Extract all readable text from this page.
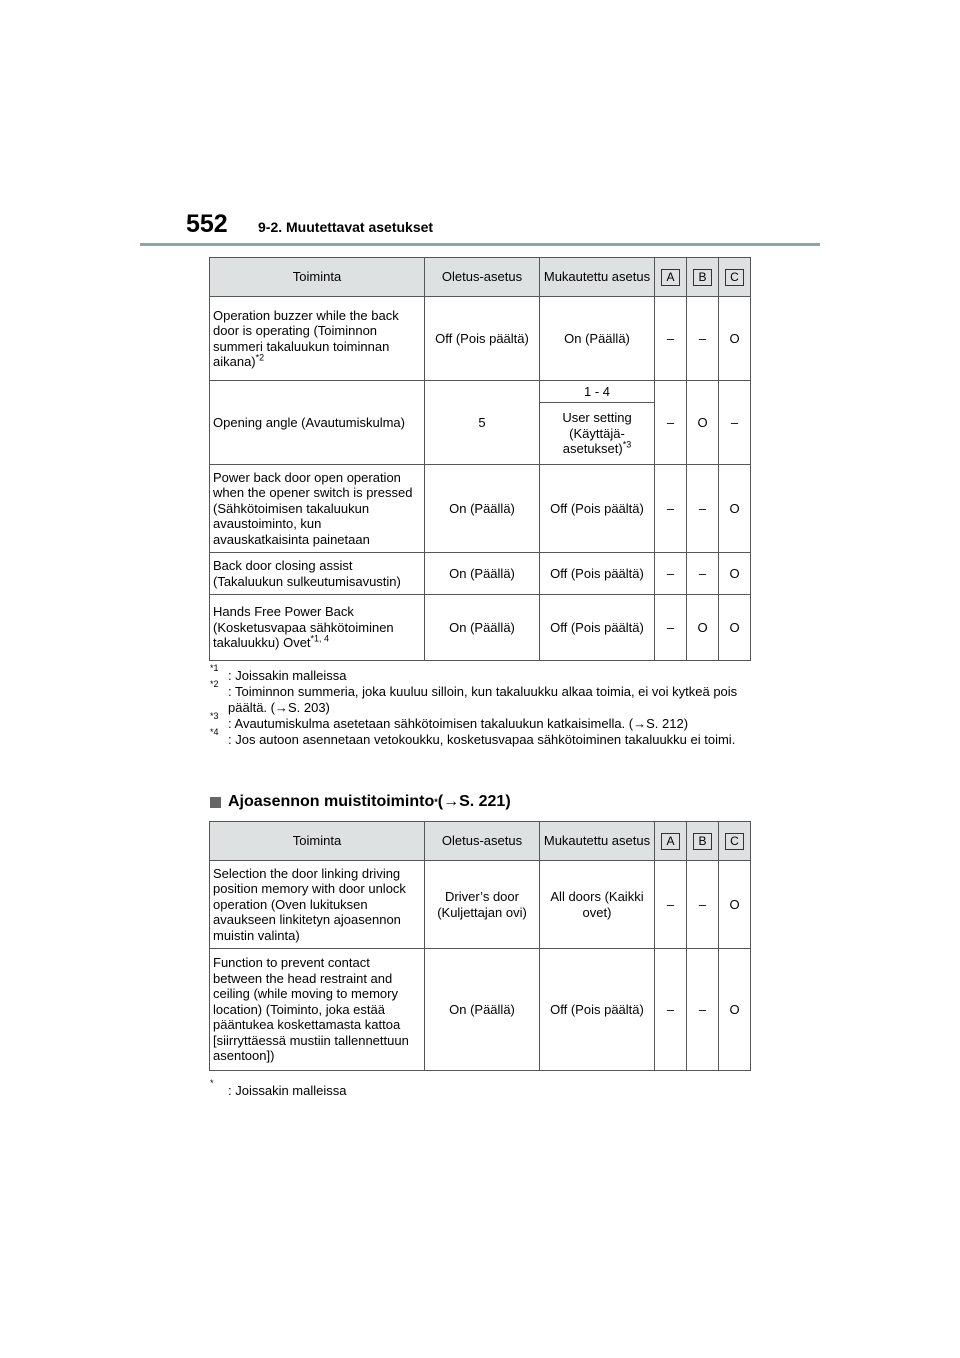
552 9-2. Muutettavat asetukset
Toiminta	Oletus-asetus	Mukautettu asetus	A	B	C
Operation buzzer while the back door is operating (Toiminnon summeri takaluukun toiminnan aikana)$^{*2}$	Off (Pois päältä)	On (Päällä)	–	–	O
Opening angle (Avautumiskulma)	5	1 - 4	–	O	–
		User setting (Käyttäjä-asetukset)$^{*3}$
Power back door open operation when the opener switch is pressed (Sähkötoimisen takaluukun avaustoiminto, kun avauskatkaisinta painetaan	On (Päällä)	Off (Pois päältä)	–	–	O
Back door closing assist (Takaluukun sulkeutumisavustin)	On (Päällä)	Off (Pois päältä)	–	–	O
Hands Free Power Back (Kosketusvapaa sähkötoiminen takaluukku) Ovet$^{*1, 4}$	On (Päällä)	Off (Pois päältä)	–	O	O
*1 : Joissakin malleissa
*2 : Toiminnon summeria, joka kuuluu silloin, kun takaluukku alkaa toimia, ei voi kytkeä pois päältä. (→S. 203)
*3 : Avautumiskulma asetetaan sähkötoimisen takaluukun katkaisimella. (→S. 212)
*4 : Jos autoon asennetaan vetokoukku, kosketusvapaa sähkötoiminen takaluukku ei toimi.
Ajoasennon muistitoiminto * (→S. 221)
Toiminta	Oletus-asetus	Mukautettu asetus	A	B	C
Selection the door linking driving position memory with door unlock operation (Oven lukituksen avaukseen linkitetyn ajoasennon muistin valinta)	Driver’s door (Kuljettajan ovi)	All doors (Kaikki ovet)	–	–	O
Function to prevent contact between the head restraint and ceiling (while moving to memory location) (Toiminto, joka estää pääntukea koskettamasta kattoa [siirryttäessä mustiin tallennettuun asentoon])	On (Päällä)	Off (Pois päältä)	–	–	O
* : Joissakin malleissa
